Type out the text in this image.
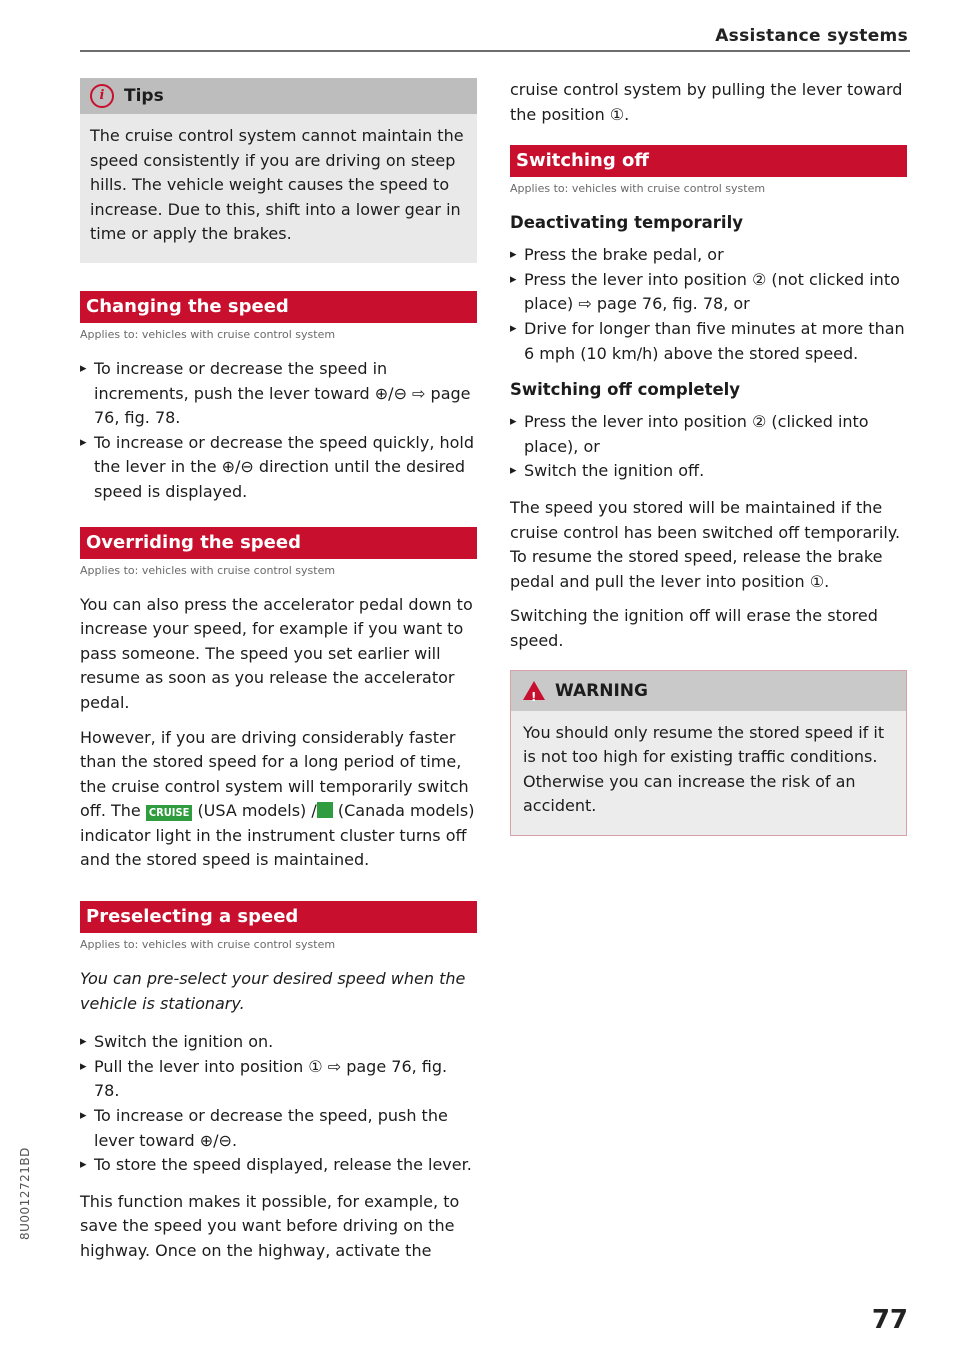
Assistance systems
i	Tips

The cruise control system cannot maintain the speed consistently if you are driving on steep hills. The vehicle weight causes the speed to increase. Due to this, shift into a lower gear in time or apply the brakes.

Changing the speed
Applies to: vehicles with cruise control system
▸ To increase or decrease the speed in increments, push the lever toward ⊕/⊖ ⇨ page 76, fig. 78.
▸ To increase or decrease the speed quickly, hold the lever in the ⊕/⊖ direction until the desired speed is displayed.
Overriding the speed
Applies to: vehicles with cruise control system

You can also press the accelerator pedal down to increase your speed, for example if you want to pass someone. The speed you set earlier will resume as soon as you release the accelerator pedal.

However, if you are driving considerably faster than the stored speed for a long period of time, the cruise control system will temporarily switch off. The CRUISE (USA models) / (Canada models) indicator light in the instrument cluster turns off and the stored speed is maintained.

Preselecting a speed
Applies to: vehicles with cruise control system

You can pre-select your desired speed when the vehicle is stationary.

▸ Switch the ignition on.
▸ Pull the lever into position ① ⇨ page 76, fig. 78.
▸ To increase or decrease the speed, push the lever toward ⊕/⊖.
▸ To store the speed displayed, release the lever.

This function makes it possible, for example, to save the speed you want before driving on the highway. Once on the highway, activate the

cruise control system by pulling the lever toward the position ①.

Switching off
Applies to: vehicles with cruise control system
Deactivating temporarily
▸ Press the brake pedal, or
▸ Press the lever into position ② (not clicked into place) ⇨ page 76, fig. 78, or
▸ Drive for longer than five minutes at more than 6 mph (10 km/h) above the stored speed.
Switching off completely
▸ Press the lever into position ② (clicked into place), or
▸ Switch the ignition off.

The speed you stored will be maintained if the cruise control has been switched off temporarily. To resume the stored speed, release the brake pedal and pull the lever into position ①.

Switching the ignition off will erase the stored speed.

!
WARNING

You should only resume the stored speed if it is not too high for existing traffic conditions. Otherwise you can increase the risk of an accident.

8U0012721BD
77
